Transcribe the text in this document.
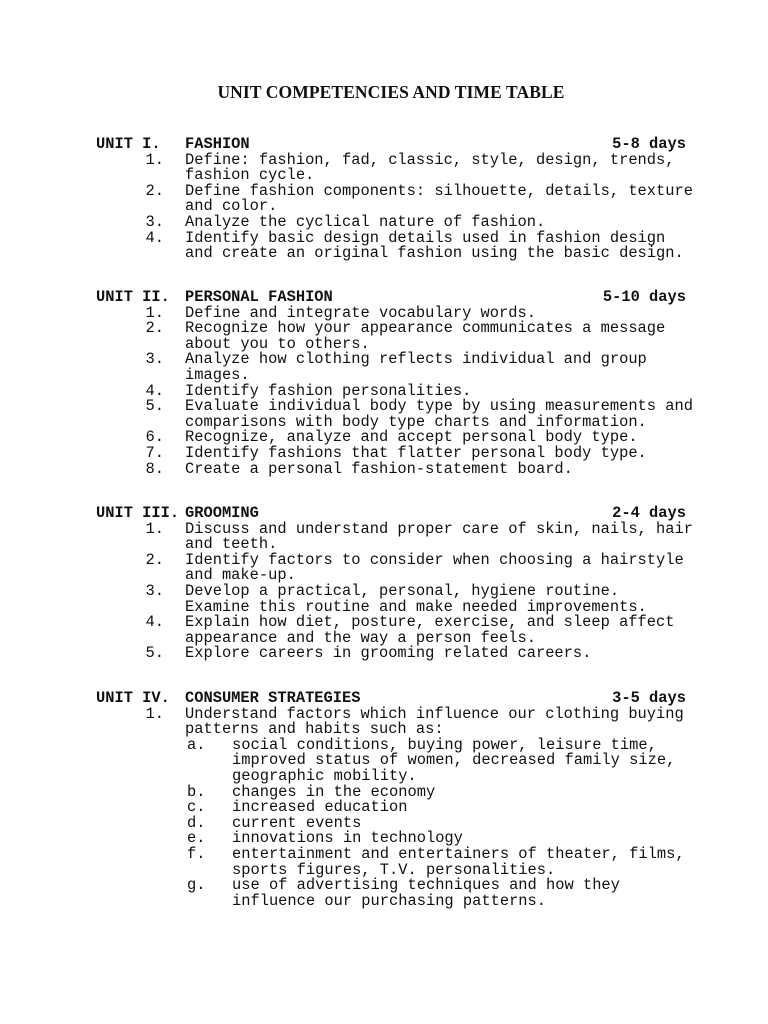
UNIT COMPETENCIES AND TIME TABLE
UNIT I. FASHION	5-8 days
1. Define: fashion, fad, classic, style, design, trends,
fashion cycle.
2. Define fashion components: silhouette, details, texture
and color.
3. Analyze the cyclical nature of fashion.
4. Identify basic design details used in fashion design
and create an original fashion using the basic design.
UNIT II. PERSONAL FASHION	5-10 days
1. Define and integrate vocabulary words.
2. Recognize how your appearance communicates a message
about you to others.
3. Analyze how clothing reflects individual and group
images.
4. Identify fashion personalities.
5. Evaluate individual body type by using measurements and
comparisons with body type charts and information.
6. Recognize, analyze and accept personal body type.
7. Identify fashions that flatter personal body type.
8. Create a personal fashion-statement board.
UNIT III. GROOMING	2-4 days
1. Discuss and understand proper care of skin, nails, hair
and teeth.
2. Identify factors to consider when choosing a hairstyle
and make-up.
3. Develop a practical, personal, hygiene routine.
Examine this routine and make needed improvements.
4. Explain how diet, posture, exercise, and sleep affect
appearance and the way a person feels.
5. Explore careers in grooming related careers.
UNIT IV. CONSUMER STRATEGIES	3-5 days
1. Understand factors which influence our clothing buying
patterns and habits such as:
a. social conditions, buying power, leisure time,
improved status of women, decreased family size,
geographic mobility.
b. changes in the economy
c. increased education
d. current events
e. innovations in technology
f. entertainment and entertainers of theater, films,
sports figures, T.V. personalities.
g. use of advertising techniques and how they
influence our purchasing patterns.
